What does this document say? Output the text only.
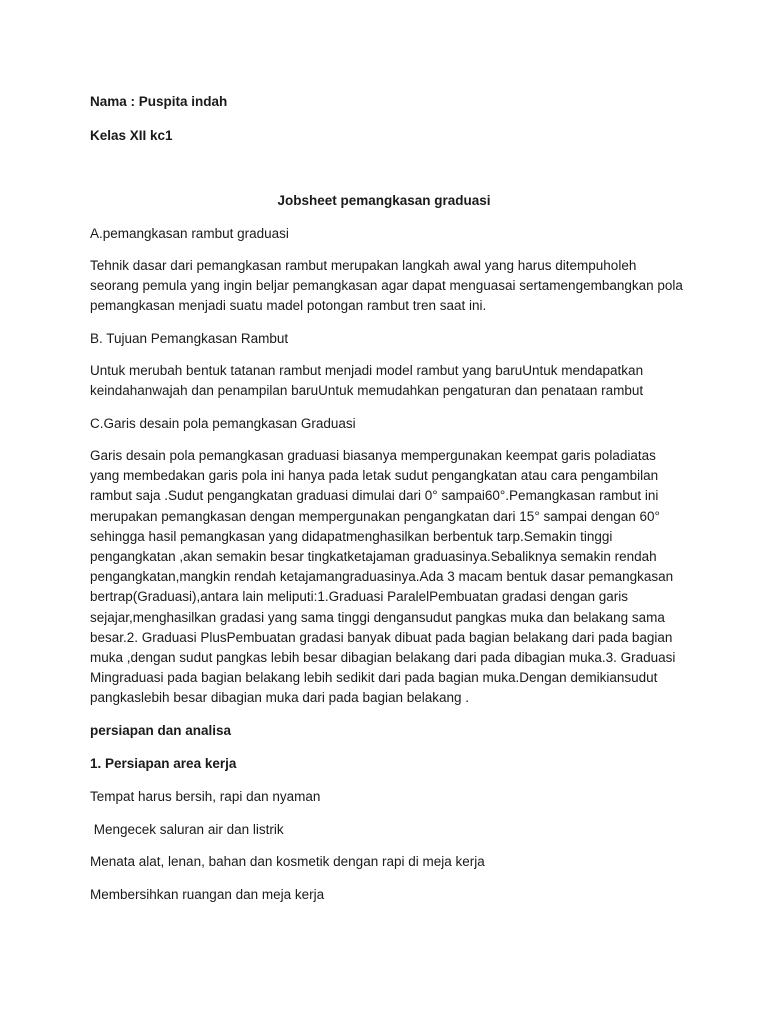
Nama : Puspita indah

Kelas XII kc1

Jobsheet pemangkasan graduasi

A.pemangkasan rambut graduasi

Tehnik dasar dari pemangkasan rambut merupakan langkah awal yang harus ditempuholeh seorang pemula yang ingin beljar pemangkasan agar dapat menguasai sertamengembangkan pola pemangkasan menjadi suatu madel potongan rambut tren saat ini.

B. Tujuan Pemangkasan Rambut

Untuk merubah bentuk tatanan rambut menjadi model rambut yang baruUntuk mendapatkan keindahanwajah dan penampilan baruUntuk memudahkan pengaturan dan penataan rambut

C.Garis desain pola pemangkasan Graduasi

Garis desain pola pemangkasan graduasi biasanya mempergunakan keempat garis poladiatas yang membedakan garis pola ini hanya pada letak sudut pengangkatan atau cara pengambilan rambut saja .Sudut pengangkatan graduasi dimulai dari 0° sampai60°.Pemangkasan rambut ini merupakan pemangkasan dengan mempergunakan pengangkatan dari 15° sampai dengan 60° sehingga hasil pemangkasan yang didapatmenghasilkan berbentuk tarp.Semakin tinggi pengangkatan ,akan semakin besar tingkatketajaman graduasinya.Sebaliknya semakin rendah pengangkatan,mangkin rendah ketajamangraduasinya.Ada 3 macam bentuk dasar pemangkasan bertrap(Graduasi),antara lain meliputi:1.Graduasi ParalelPembuatan gradasi dengan garis sejajar,menghasilkan gradasi yang sama tinggi dengansudut pangkas muka dan belakang sama besar.2. Graduasi PlusPembuatan gradasi banyak dibuat pada bagian belakang dari pada bagian muka ,dengan sudut pangkas lebih besar dibagian belakang dari pada dibagian muka.3. Graduasi Mingraduasi pada bagian belakang lebih sedikit dari pada bagian muka.Dengan demikiansudut pangkaslebih besar dibagian muka dari pada bagian belakang .

persiapan dan analisa

1. Persiapan area kerja

Tempat harus bersih, rapi dan nyaman

Mengecek saluran air dan listrik

Menata alat, lenan, bahan dan kosmetik dengan rapi di meja kerja

Membersihkan ruangan dan meja kerja
